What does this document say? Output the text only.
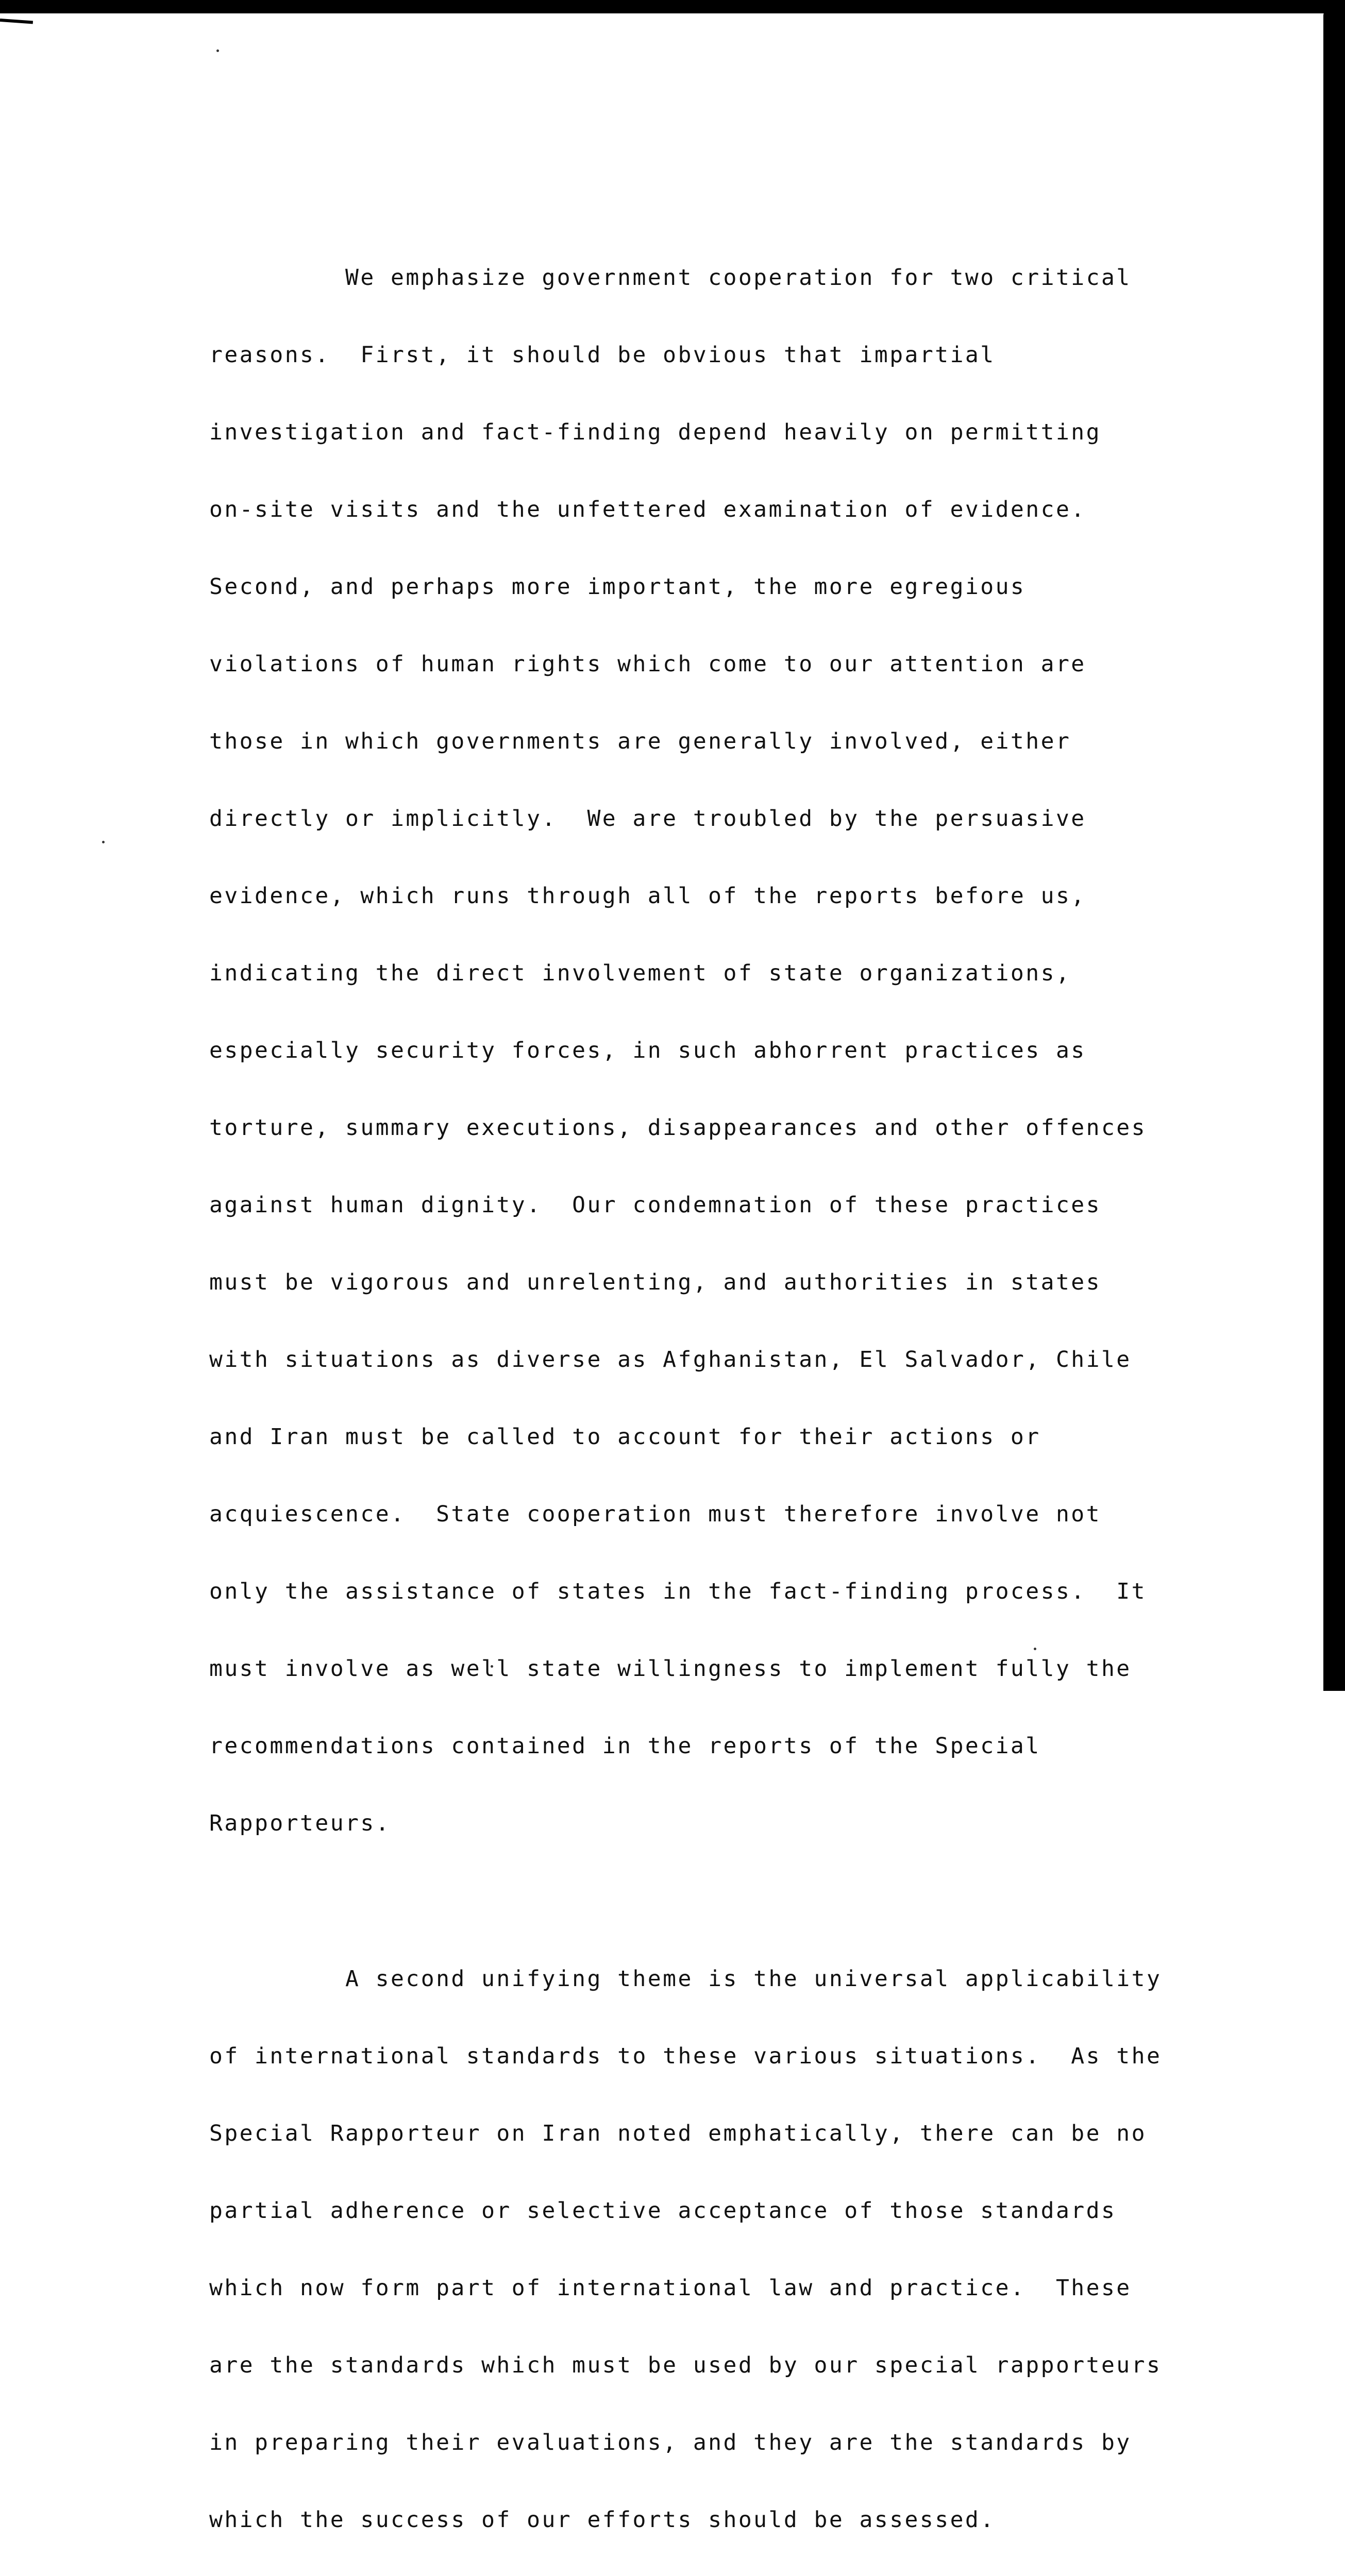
We emphasize government cooperation for two critical

reasons.  First, it should be obvious that impartial

investigation and fact-finding depend heavily on permitting

on-site visits and the unfettered examination of evidence.

Second, and perhaps more important, the more egregious

violations of human rights which come to our attention are

those in which governments are generally involved, either

directly or implicitly.  We are troubled by the persuasive

evidence, which runs through all of the reports before us,

indicating the direct involvement of state organizations,

especially security forces, in such abhorrent practices as

torture, summary executions, disappearances and other offences

against human dignity.  Our condemnation of these practices

must be vigorous and unrelenting, and authorities in states

with situations as diverse as Afghanistan, El Salvador, Chile

and Iran must be called to account for their actions or

acquiescence.  State cooperation must therefore involve not

only the assistance of states in the fact-finding process.  It

must involve as well state willingness to implement fully the

recommendations contained in the reports of the Special

Rapporteurs.

A second unifying theme is the universal applicability

of international standards to these various situations.  As the

Special Rapporteur on Iran noted emphatically, there can be no

partial adherence or selective acceptance of those standards

which now form part of international law and practice.  These

are the standards which must be used by our special rapporteurs

in preparing their evaluations, and they are the standards by

which the success of our efforts should be assessed.
